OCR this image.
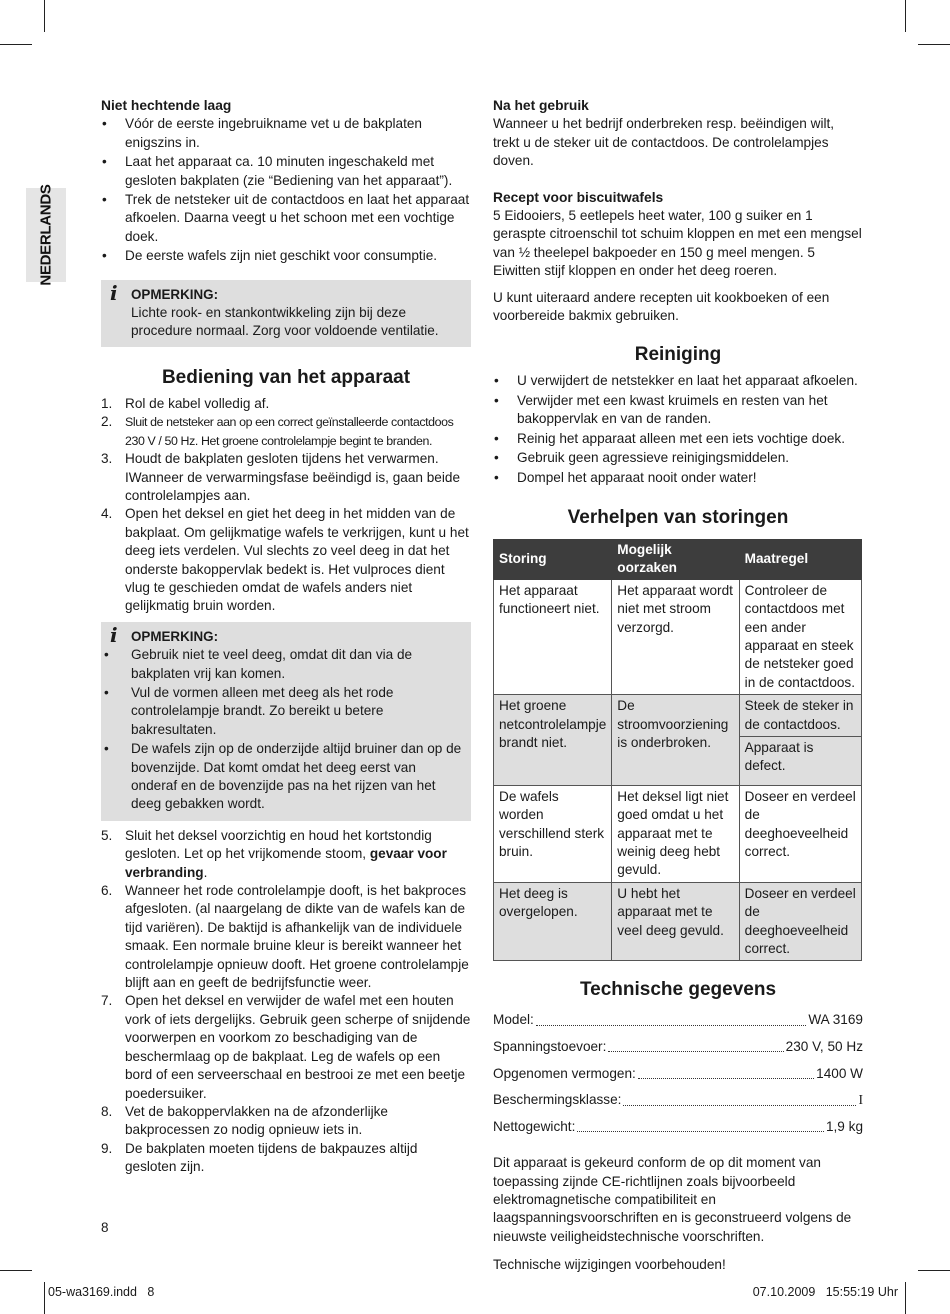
NEDERLANDS

Niet hechtende laag

• Vóór de eerste ingebruikname vet u de bakplaten enigszins in.
• Laat het apparaat ca. 10 minuten ingeschakeld met gesloten bakplaten (zie “Bediening van het apparaat”).
• Trek de netsteker uit de contactdoos en laat het apparaat afkoelen. Daarna veegt u het schoon met een vochtige doek.
• De eerste wafels zijn niet geschikt voor consumptie.
i OPMERKING:
Lichte rook- en stankontwikkeling zijn bij deze procedure normaal. Zorg voor voldoende ventilatie.

Bediening van het apparaat

1. Rol de kabel volledig af.
2. Sluit de netsteker aan op een correct geïnstalleerde contactdoos 230 V / 50 Hz. Het groene controlelampje begint te branden.
3. Houdt de bakplaten gesloten tijdens het verwarmen. IWanneer de verwarmingsfase beëindigd is, gaan beide controlelampjes aan.
4. Open het deksel en giet het deeg in het midden van de bakplaat. Om gelijkmatige wafels te verkrijgen, kunt u het deeg iets verdelen. Vul slechts zo veel deeg in dat het onderste bakoppervlak bedekt is. Het vulproces dient vlug te geschieden omdat de wafels anders niet gelijkmatig bruin worden.
i OPMERKING:
• Gebruik niet te veel deeg, omdat dit dan via de bakplaten vrij kan komen.
• Vul de vormen alleen met deeg als het rode controlelampje brandt. Zo bereikt u betere bakresultaten.
• De wafels zijn op de onderzijde altijd bruiner dan op de bovenzijde. Dat komt omdat het deeg eerst van onderaf en de bovenzijde pas na het rijzen van het deeg gebakken wordt.
5. Sluit het deksel voorzichtig en houd het kortstondig gesloten. Let op het vrijkomende stoom, gevaar voor verbranding.
6. Wanneer het rode controlelampje dooft, is het bakproces afgesloten. (al naargelang de dikte van de wafels kan de tijd variëren). De baktijd is afhankelijk van de individuele smaak. Een normale bruine kleur is bereikt wanneer het controlelampje opnieuw dooft. Het groene controlelampje blijft aan en geeft de bedrijfsfunctie weer.
7. Open het deksel en verwijder de wafel met een houten vork of iets dergelijks. Gebruik geen scherpe of snijdende voorwerpen en voorkom zo beschadiging van de beschermlaag op de bakplaat. Leg de wafels op een bord of een serveerschaal en bestrooi ze met een beetje poedersuiker.
8. Vet de bakoppervlakken na de afzonderlijke bakprocessen zo nodig opnieuw iets in.
9. De bakplaten moeten tijdens de bakpauzes altijd gesloten zijn.

Na het gebruik

Wanneer u het bedrijf onderbreken resp. beëindigen wilt, trekt u de steker uit de contactdoos. De controlelampjes doven.

Recept voor biscuitwafels

5 Eidooiers, 5 eetlepels heet water, 100 g suiker en 1 geraspte citroenschil tot schuim kloppen en met een mengsel van ½ theelepel bakpoeder en 150 g meel mengen. 5 Eiwitten stijf kloppen en onder het deeg roeren.

U kunt uiteraard andere recepten uit kookboeken of een voorbereide bakmix gebruiken.

Reiniging

• U verwijdert de netstekker en laat het apparaat afkoelen.
• Verwijder met een kwast kruimels en resten van het bakoppervlak en van de randen.
• Reinig het apparaat alleen met een iets vochtige doek.
• Gebruik geen agressieve reinigingsmiddelen.
• Dompel het apparaat nooit onder water!

Verhelpen van storingen

Storing	Mogelijk oorzaken	Maatregel
Het apparaat functioneert niet.	Het apparaat wordt niet met stroom verzorgd.	Controleer de contactdoos met een ander apparaat en steek de netsteker goed in de contactdoos.
Het groene netcontrolelampje brandt niet.	De stroomvoorziening is onderbroken.	Steek de steker in de contactdoos.
		Apparaat is defect.
De wafels worden verschillend sterk bruin.	Het deksel ligt niet goed omdat u het apparaat met te weinig deeg hebt gevuld.	Doseer en verdeel de deeghoeveelheid correct.
Het deeg is overgelopen.	U hebt het apparaat met te veel deeg gevuld.	Doseer en verdeel de deeghoeveelheid correct.

Technische gegevens

Model:	WA 3169
Spanningstoevoer:	230 V, 50 Hz
Opgenomen vermogen:	1400 W
Beschermingsklasse:	I
Nettogewicht:	1,9 kg

Dit apparaat is gekeurd conform de op dit moment van toepassing zijnde CE-richtlijnen zoals bijvoorbeeld elektromagnetische compatibiliteit en laagspanningsvoorschriften en is geconstrueerd volgens de nieuwste veiligheidstechnische voorschriften.

Technische wijzigingen voorbehouden!

8
05-wa3169.indd   8	07.10.2009   15:55:19 Uhr
